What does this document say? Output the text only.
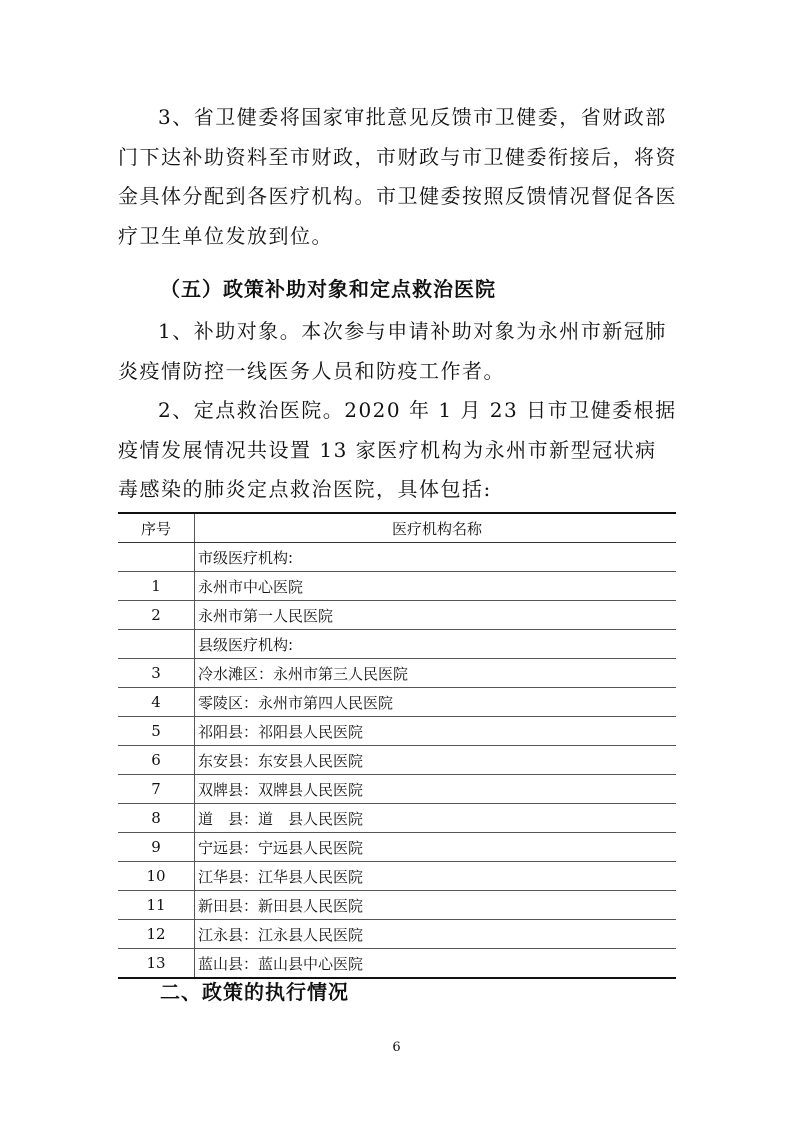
3、省卫健委将国家审批意见反馈市卫健委，省财政部门下达补助资料至市财政，市财政与市卫健委衔接后，将资金具体分配到各医疗机构。市卫健委按照反馈情况督促各医疗卫生单位发放到位。

（五）政策补助对象和定点救治医院

1、补助对象。本次参与申请补助对象为永州市新冠肺炎疫情防控一线医务人员和防疫工作者。

2、定点救治医院。2020 年 1 月 23 日市卫健委根据疫情发展情况共设置 13 家医疗机构为永州市新型冠状病毒感染的肺炎定点救治医院，具体包括:

序号	医疗机构名称
	市级医疗机构:
1	永州市中心医院
2	永州市第一人民医院
	县级医疗机构:
3	冷水滩区：永州市第三人民医院
4	零陵区：永州市第四人民医院
5	祁阳县：祁阳县人民医院
6	东安县：东安县人民医院
7	双牌县：双牌县人民医院
8	道　县：道　县人民医院
9	宁远县：宁远县人民医院
10	江华县：江华县人民医院
11	新田县：新田县人民医院
12	江永县：江永县人民医院
13	蓝山县：蓝山县中心医院

二、政策的执行情况

6
